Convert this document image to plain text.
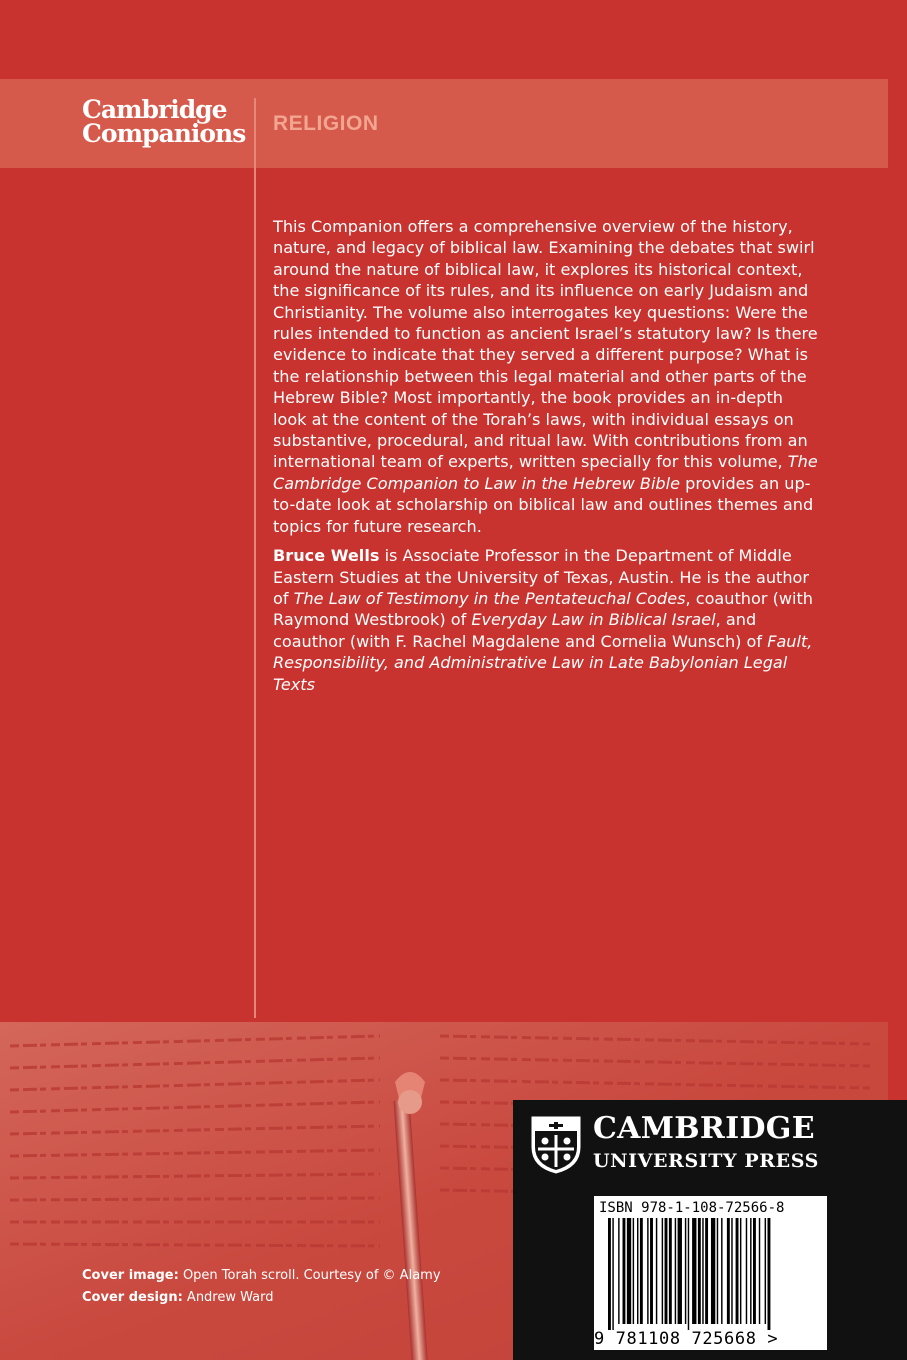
Cambridge
Companions	RELIGION

This Companion offers a comprehensive overview of the history, nature, and legacy of biblical law. Examining the debates that swirl around the nature of biblical law, it explores its historical context, the significance of its rules, and its influence on early Judaism and Christianity. The volume also interrogates key questions: Were the rules intended to function as ancient Israel’s statutory law? Is there evidence to indicate that they served a different purpose? What is the relationship between this legal material and other parts of the Hebrew Bible? Most importantly, the book provides an in-depth look at the content of the Torah’s laws, with individual essays on substantive, procedural, and ritual law. With contributions from an international team of experts, written specially for this volume, The Cambridge Companion to Law in the Hebrew Bible provides an up-to-date look at scholarship on biblical law and outlines themes and topics for future research.

Bruce Wells is Associate Professor in the Department of Middle Eastern Studies at the University of Texas, Austin. He is the author of The Law of Testimony in the Pentateuchal Codes, coauthor (with Raymond Westbrook) of Everyday Law in Biblical Israel, and coauthor (with F. Rachel Magdalene and Cornelia Wunsch) of Fault, Responsibility, and Administrative Law in Late Babylonian Legal Texts

Cover image: Open Torah scroll. Courtesy of © Alamy
Cover design: Andrew Ward
CAMBRIDGE
UNIVERSITY PRESS
ISBN 978-1-108-72566-8
9 781108 725668 >
